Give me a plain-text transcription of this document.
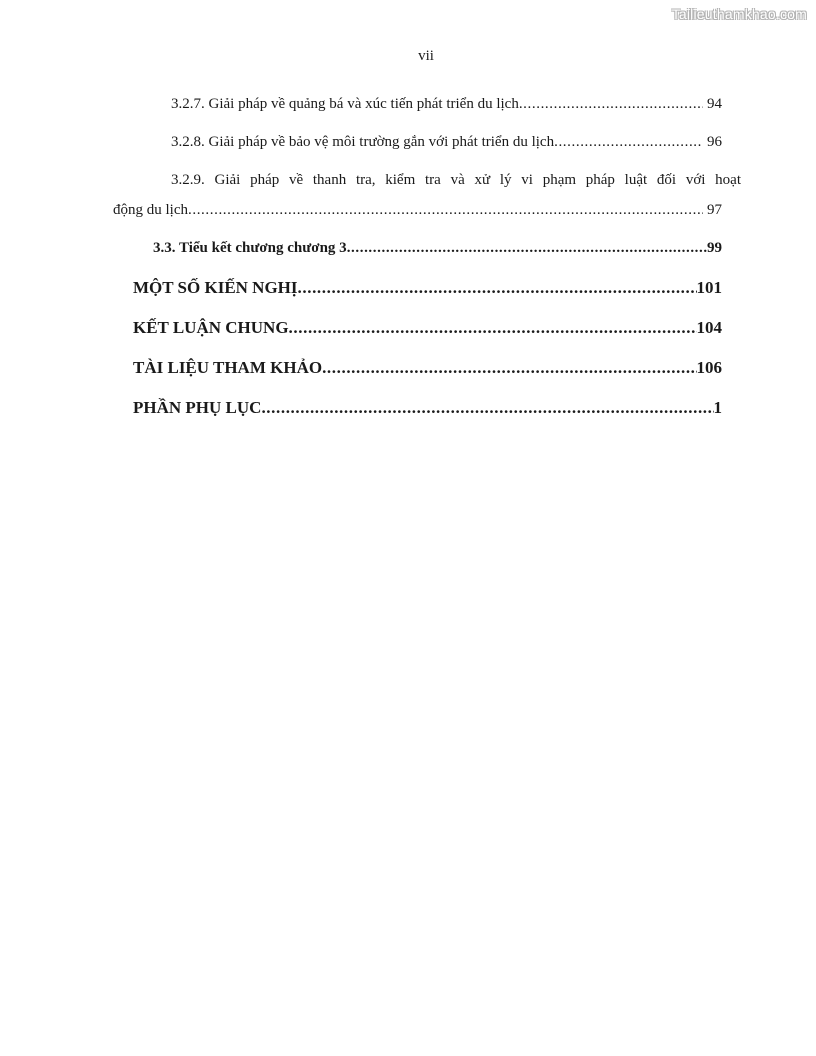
Tailieuthamkhao.com
vii
3.2.7. Giải pháp về quảng bá và xúc tiến phát triển du lịch .....	94
3.2.8. Giải pháp về bảo vệ môi trường gắn với phát triển du lịch .....	96
3.2.9. Giải pháp về thanh tra, kiểm tra và xử lý vi phạm pháp luật đối với hoạt
động du lịch .....	97
3.3. Tiểu kết chương chương 3 .....	99
MỘT SỐ KIẾN NGHỊ .....	101
KẾT LUẬN CHUNG .....	104
TÀI LIỆU THAM KHẢO .....	106
PHẦN PHỤ LỤC .....	1
